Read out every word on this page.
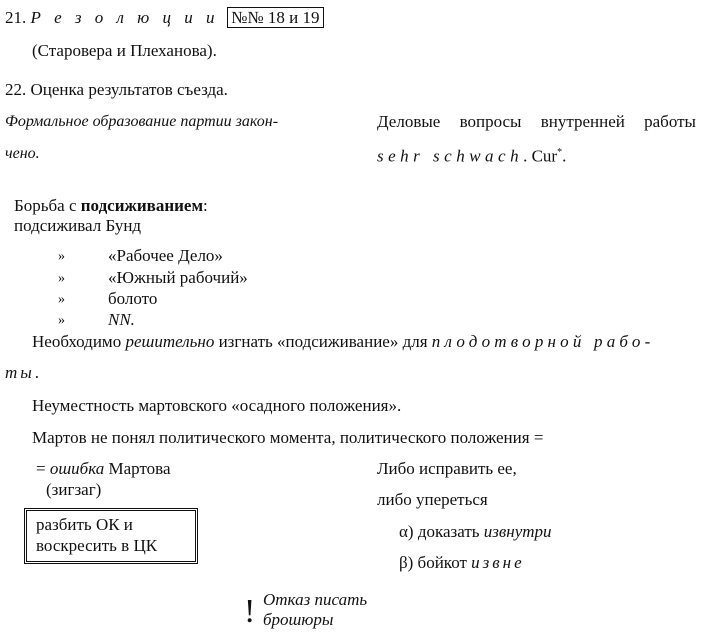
21. Р е з о л ю ц и и №№ 18 и 19
(Староверa и Плеханова).
22. Оценка результатов съезда.
Формальное образование партии закон-
чено.
Деловые вопросы внутренней работы
sehr schwach. Cur*.
Борьба с подсиживанием:
подсиживал Бунд
»	«Рабочее Дело»
»	«Южный рабочий»
»	болото
»	NN.
Необходимо решительно изгнать «подсиживание» для плодотворной рабо-
ты.
Неуместность мартовского «осадного положения».
Мартов не понял политического момента, политического положения =
= ошибка Мартова
(зигзаг)
разбить ОК и
воскресить в ЦК
Либо исправить ее,
либо упереться
α) доказать извнутри
β) бойкот извне
! Отказ писать
брошюры
